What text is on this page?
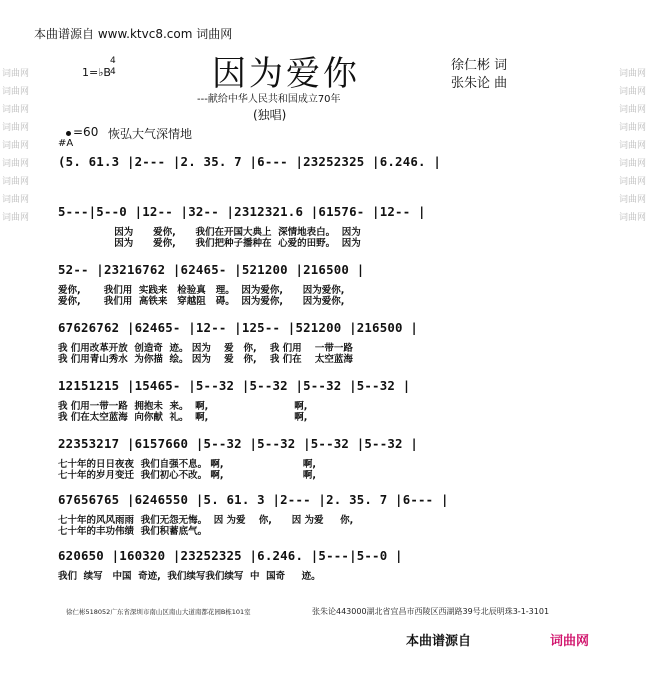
本曲谱源自 www.ktvc8.com 词曲网
因为爱你
---献给中华人民共和国成立70年
(独唱)
1=♭B
4
4	徐仁彬 词
张朱论 曲
=60 恢弘大气深情地
#A
词曲网
词曲网
词曲网
词曲网
词曲网
词曲网
词曲网
词曲网
词曲网

词曲网
词曲网
词曲网
词曲网
词曲网
词曲网
词曲网
词曲网
词曲网

(5. 61.3 |2--- |2. 35. 7 |6--- |23252325 |6.246. |
5---|5--0 |12-- |32-- |2312321.6 |61576- |12-- |
因为      爱你,      我们在开国大典上  深情地表白。  因为
因为      爱你,      我们把种子播种在  心爱的田野。  因为
52-- |23216762 |62465- |521200 |216500 |
爱你,       我们用  实践来   检验真   理。  因为爱你,      因为爱你,
爱你,       我们用  高铁来   穿越阻   碍。  因为爱你,      因为爱你,
67626762 |62465- |12-- |125-- |521200 |216500 |
我 们用改革开放  创造奇  迹。 因为    爱   你,    我 们用    一带一路
我 们用青山秀水  为你描  绘。 因为    爱   你,    我 们在    太空蓝海
12151215 |15465- |5--32 |5--32 |5--32 |5--32 |
我 们用一带一路  拥抱未  来。  啊,                          啊,
我 们在太空蓝海  向你献  礼。  啊,                          啊,
22353217 |6157660 |5--32 |5--32 |5--32 |5--32 |
七十年的日日夜夜  我们自强不息。 啊,                        啊,
七十年的岁月变迁  我们初心不改。 啊,                        啊,
67656765 |6246550 |5. 61. 3 |2--- |2. 35. 7 |6--- |
七十年的风风雨雨  我们无怨无悔。  因 为爱    你,      因 为爱     你,
七十年的丰功伟绩  我们积蓄底气。
620650 |160320 |23252325 |6.246. |5---|5--0 |
我们  续写   中国  奇迹,  我们续写我们续写  中  国奇     迹。
徐仁彬518052广东省深圳市南山区南山大道南都花园B栋101室	张朱论443000湖北省宜昌市西陵区西湖路39号北辰明珠3-1-3101
本曲谱源自	词曲网
